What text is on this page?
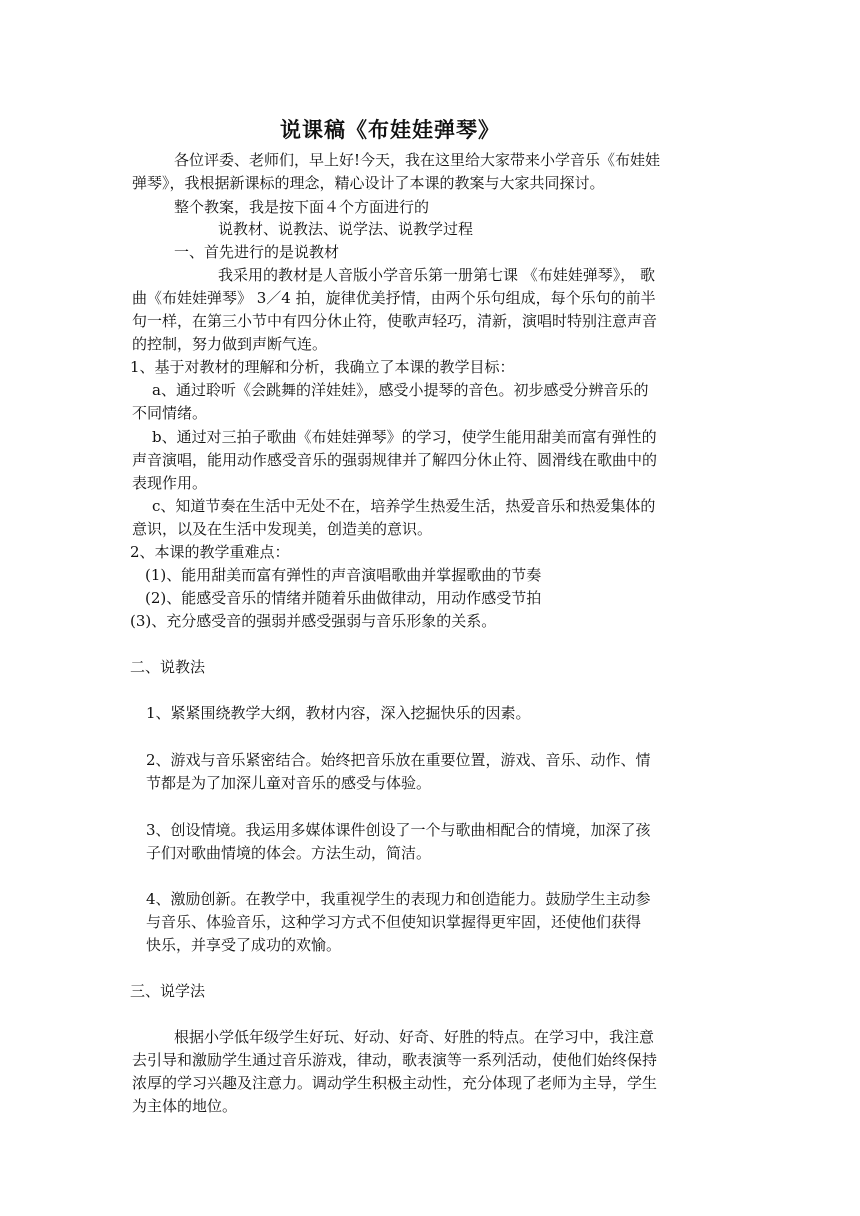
说课稿《布娃娃弹琴》
各位评委、老师们，早上好!今天，我在这里给大家带来小学音乐《布娃娃
弹琴》，我根据新课标的理念，精心设计了本课的教案与大家共同探讨。
整个教案，我是按下面４个方面进行的
说教材、说教法、说学法、说教学过程
一、首先进行的是说教材
我采用的教材是人音版小学音乐第一册第七课 《布娃娃弹琴》， 歌
曲《布娃娃弹琴》 3／4 拍，旋律优美抒情，由两个乐句组成，每个乐句的前半
句一样，在第三小节中有四分休止符，使歌声轻巧，清新，演唱时特别注意声音
的控制，努力做到声断气连。
1、基于对教材的理解和分析，我确立了本课的教学目标：
a、通过聆听《会跳舞的洋娃娃》，感受小提琴的音色。初步感受分辨音乐的
不同情绪。
b、通过对三拍子歌曲《布娃娃弹琴》的学习，使学生能用甜美而富有弹性的
声音演唱，能用动作感受音乐的强弱规律并了解四分休止符、圆滑线在歌曲中的
表现作用。
c、知道节奏在生活中无处不在，培养学生热爱生活，热爱音乐和热爱集体的
意识，以及在生活中发现美，创造美的意识。
2、本课的教学重难点：
(1)、能用甜美而富有弹性的声音演唱歌曲并掌握歌曲的节奏
(2)、能感受音乐的情绪并随着乐曲做律动，用动作感受节拍
(3)、充分感受音的强弱并感受强弱与音乐形象的关系。
二、说教法
1、紧紧围绕教学大纲，教材内容，深入挖掘快乐的因素。
2、游戏与音乐紧密结合。始终把音乐放在重要位置，游戏、音乐、动作、情
节都是为了加深儿童对音乐的感受与体验。
3、创设情境。我运用多媒体课件创设了一个与歌曲相配合的情境，加深了孩
子们对歌曲情境的体会。方法生动，简洁。
4、激励创新。在教学中，我重视学生的表现力和创造能力。鼓励学生主动参
与音乐、体验音乐，这种学习方式不但使知识掌握得更牢固，还使他们获得
快乐，并享受了成功的欢愉。
三、说学法
根据小学低年级学生好玩、好动、好奇、好胜的特点。在学习中，我注意
去引导和激励学生通过音乐游戏，律动，歌表演等一系列活动，使他们始终保持
浓厚的学习兴趣及注意力。调动学生积极主动性，充分体现了老师为主导，学生
为主体的地位。
